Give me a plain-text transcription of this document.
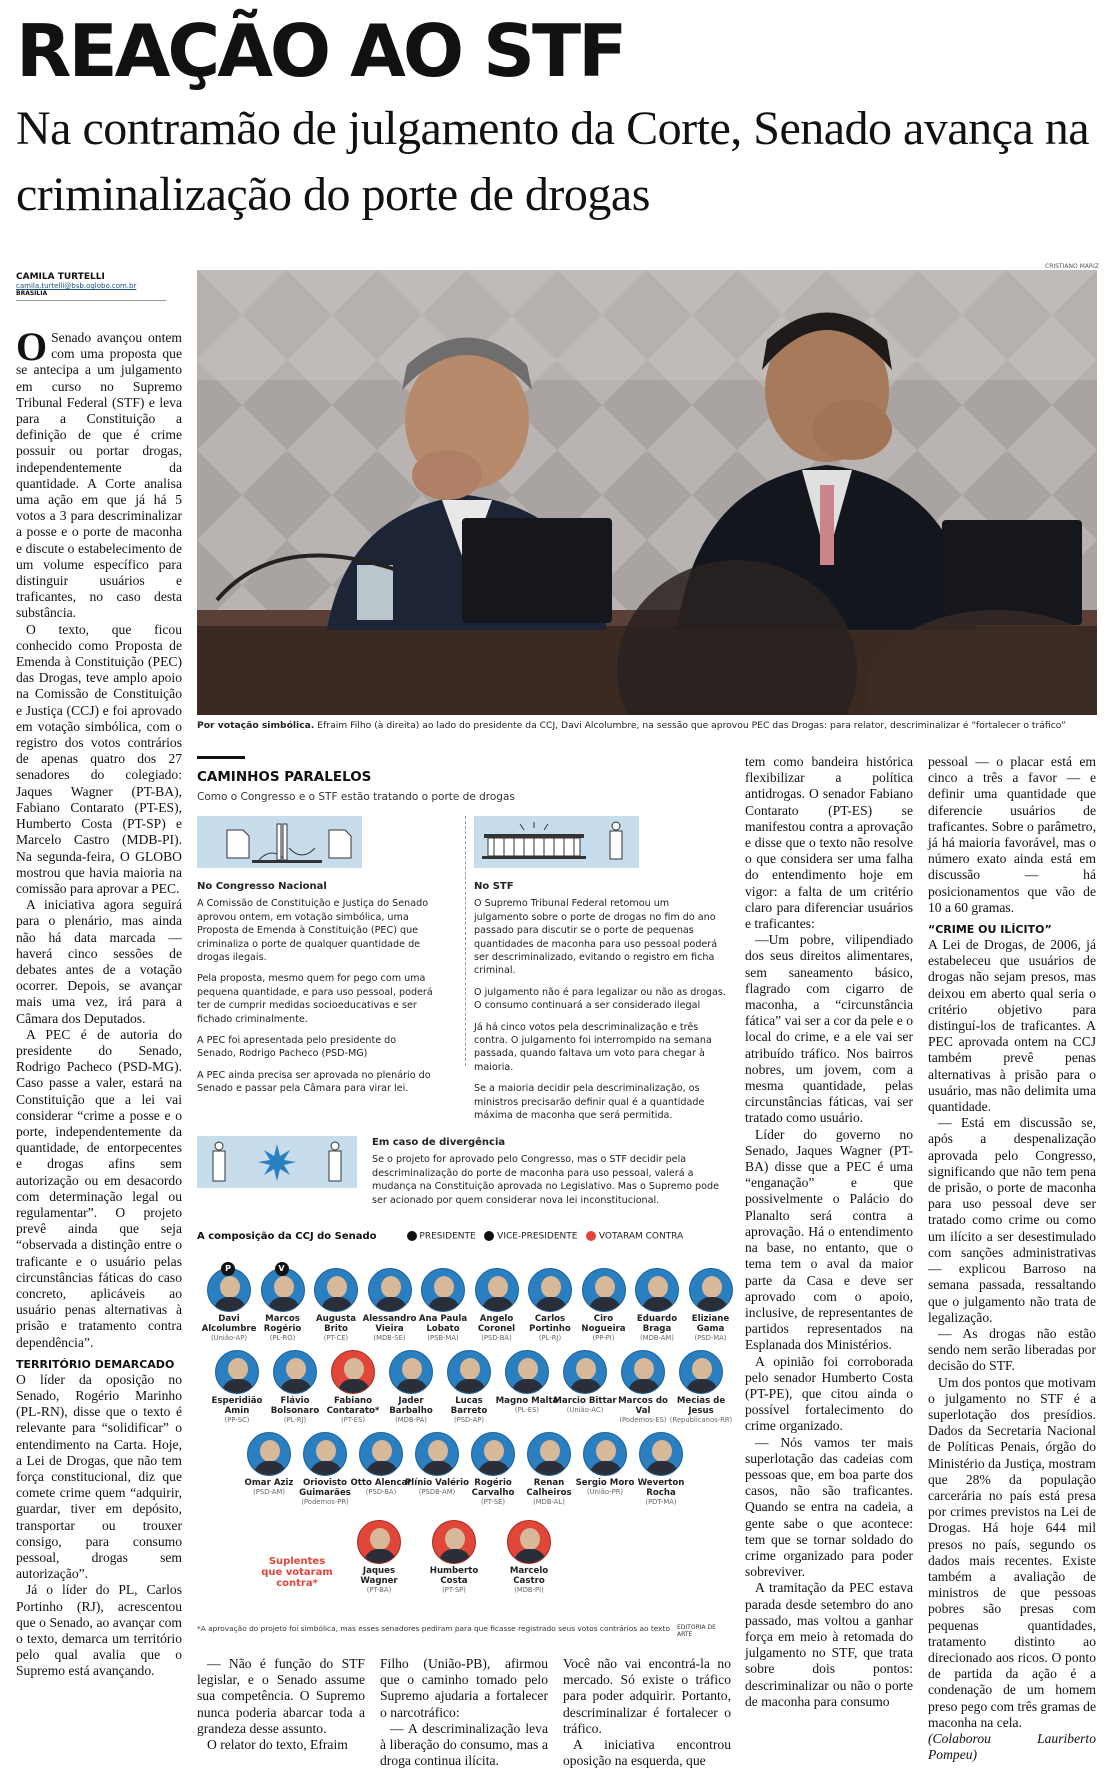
REAÇÃO AO STF
Na contramão de julgamento da Corte, Senado avança na criminalização do porte de drogas
CAMILA TURTELLI
camila.turtelli@bsb.oglobo.com.br
BRASÍLIA
CRISTIANO MARIZ
Por votação simbólica. Efraim Filho (à direita) ao lado do presidente da CCJ, Davi Alcolumbre, na sessão que aprovou PEC das Drogas: para relator, descriminalizar é “fortalecer o tráfico”

O Senado avançou ontem com uma proposta que se antecipa a um julgamento em curso no Supremo Tribunal Federal (STF) e leva para a Constituição a definição de que é crime possuir ou portar drogas, independentemente da quantidade. A Corte analisa uma ação em que já há 5 votos a 3 para descriminalizar a posse e o porte de maconha e discute o estabelecimento de um volume específico para distinguir usuários e traficantes, no caso desta substância.

O texto, que ficou conhecido como Proposta de Emenda à Constituição (PEC) das Drogas, teve amplo apoio na Comissão de Constituição e Justiça (CCJ) e foi aprovado em votação simbólica, com o registro dos votos contrários de apenas quatro dos 27 senadores do colegiado: Jaques Wagner (PT-BA), Fabiano Contarato (PT-ES), Humberto Costa (PT-SP) e Marcelo Castro (MDB-PI). Na segunda-feira, O GLOBO mostrou que havia maioria na comissão para aprovar a PEC.

A iniciativa agora seguirá para o plenário, mas ainda não há data marcada — haverá cinco sessões de debates antes de a votação ocorrer. Depois, se avançar mais uma vez, irá para a Câmara dos Deputados.

A PEC é de autoria do presidente do Senado, Rodrigo Pacheco (PSD-MG). Caso passe a valer, estará na Constituição que a lei vai considerar “crime a posse e o porte, independentemente da quantidade, de entorpecentes e drogas afins sem autorização ou em desacordo com determinação legal ou regulamentar”. O projeto prevê ainda que seja “observada a distinção entre o traficante e o usuário pelas circunstâncias fáticas do caso concreto, aplicáveis ao usuário penas alternativas à prisão e tratamento contra dependência”.

TERRITÓRIO DEMARCADO

O líder da oposição no Senado, Rogério Marinho (PL-RN), disse que o texto é relevante para “solidificar” o entendimento na Carta. Hoje, a Lei de Drogas, que não tem força constitucional, diz que comete crime quem “adquirir, guardar, tiver em depósito, transportar ou trouxer consigo, para consumo pessoal, drogas sem autorização”.

Já o líder do PL, Carlos Portinho (RJ), acrescentou que o Senado, ao avançar com o texto, demarca um território pelo qual avalia que o Supremo está avançando.

CAMINHOS PARALELOS
Como o Congresso e o STF estão tratando o porte de drogas
No Congresso Nacional

A Comissão de Constituição e Justiça do Senado aprovou ontem, em votação simbólica, uma Proposta de Emenda à Constituição (PEC) que criminaliza o porte de qualquer quantidade de drogas ilegais.

Pela proposta, mesmo quem for pego com uma pequena quantidade, e para uso pessoal, poderá ter de cumprir medidas socioeducativas e ser fichado criminalmente.

A PEC foi apresentada pelo presidente do Senado, Rodrigo Pacheco (PSD-MG)

A PEC ainda precisa ser aprovada no plenário do Senado e passar pela Câmara para virar lei.

No STF

O Supremo Tribunal Federal retomou um julgamento sobre o porte de drogas no fim do ano passado para discutir se o porte de pequenas quantidades de maconha para uso pessoal poderá ser descriminalizado, evitando o registro em ficha criminal.

O julgamento não é para legalizar ou não as drogas. O consumo continuará a ser considerado ilegal

Já há cinco votos pela descriminalização e três contra. O julgamento foi interrompido na semana passada, quando faltava um voto para chegar à maioria.

Se a maioria decidir pela descriminalização, os ministros precisarão definir qual é a quantidade máxima de maconha que será permitida.

Em caso de divergência

Se o projeto for aprovado pelo Congresso, mas o STF decidir pela descriminalização do porte de maconha para uso pessoal, valerá a mudança na Constituição aprovada no Legislativo. Mas o Supremo pode ser acionado por quem considerar nova lei inconstitucional.

A composição da CCJ do Senado	PRESIDENTE VICE-PRESIDENTE VOTARAM CONTRA
P
Davi Alcolumbre
(União-AP)
V
Marcos Rogério
(PL-RO)
Augusta Brito
(PT-CE)
Alessandro Vieira
(MDB-SE)
Ana Paula Lobato
(PSB-MA)
Angelo Coronel
(PSD-BA)
Carlos Portinho
(PL-RJ)
Ciro Nogueira
(PP-PI)
Eduardo Braga
(MDB-AM)
Eliziane Gama
(PSD-MA)
Esperidião Amin
(PP-SC)
Flávio Bolsonaro
(PL-RJ)
Fabiano Contarato*
(PT-ES)
Jader Barbalho
(MDB-PA)
Lucas Barreto
(PSD-AP)
Magno Malta
(PL-ES)
Marcio Bittar
(União-AC)
Marcos do Val
(Podemos-ES)
Mecias de Jesus
(Republicanos-RR)
Omar Aziz
(PSD-AM)
Oriovisto Guimarães
(Podemos-PR)
Otto Alencar
(PSD-BA)
Plínio Valério
(PSDB-AM)
Rogério Carvalho
(PT-SE)
Renan Calheiros
(MDB-AL)
Sergio Moro
(União-PR)
Weverton Rocha
(PDT-MA)
Jaques Wagner
(PT-BA)
Humberto Costa
(PT-SP)
Marcelo Castro
(MDB-PI)
Suplentes que votaram contra*
*A aprovação do projeto foi simbólica, mas esses senadores pediram para que ficasse registrado seus votos contrários ao texto	EDITORIA DE ARTE

tem como bandeira histórica flexibilizar a política antidrogas. O senador Fabiano Contarato (PT-ES) se manifestou contra a aprovação e disse que o texto não resolve o que considera ser uma falha do entendimento hoje em vigor: a falta de um critério claro para diferenciar usuários e traficantes:

—Um pobre, vilipendiado dos seus direitos alimentares, sem saneamento básico, flagrado com cigarro de maconha, a “circunstância fática” vai ser a cor da pele e o local do crime, e a ele vai ser atribuído tráfico. Nos bairros nobres, um jovem, com a mesma quantidade, pelas circunstâncias fáticas, vai ser tratado como usuário.

Líder do governo no Senado, Jaques Wagner (PT-BA) disse que a PEC é uma “enganação” e que possivelmente o Palácio do Planalto será contra a aprovação. Há o entendimento na base, no entanto, que o tema tem o aval da maior parte da Casa e deve ser aprovado com o apoio, inclusive, de representantes de partidos representados na Esplanada dos Ministérios.

A opinião foi corroborada pelo senador Humberto Costa (PT-PE), que citou ainda o possível fortalecimento do crime organizado.

— Nós vamos ter mais superlotação das cadeias com pessoas que, em boa parte dos casos, não são traficantes. Quando se entra na cadeia, a gente sabe o que acontece: tem que se tornar soldado do crime organizado para poder sobreviver.

A tramitação da PEC estava parada desde setembro do ano passado, mas voltou a ganhar força em meio à retomada do julgamento no STF, que trata sobre dois pontos: descriminalizar ou não o porte de maconha para consumo

pessoal — o placar está em cinco a três a favor — e definir uma quantidade que diferencie usuários de traficantes. Sobre o parâmetro, já há maioria favorável, mas o número exato ainda está em discussão — há posicionamentos que vão de 10 a 60 gramas.

“CRIME OU ILÍCITO”

A Lei de Drogas, de 2006, já estabeleceu que usuários de drogas não sejam presos, mas deixou em aberto qual seria o critério objetivo para distinguí-los de traficantes. A PEC aprovada ontem na CCJ também prevê penas alternativas à prisão para o usuário, mas não delimita uma quantidade.

— Está em discussão se, após a despenalização aprovada pelo Congresso, significando que não tem pena de prisão, o porte de maconha para uso pessoal deve ser tratado como crime ou como um ilícito a ser desestimulado com sanções administrativas — explicou Barroso na semana passada, ressaltando que o julgamento não trata de legalização.

— As drogas não estão sendo nem serão liberadas por decisão do STF.

Um dos pontos que motivam o julgamento no STF é a superlotação dos presídios. Dados da Secretaria Nacional de Políticas Penais, órgão do Ministério da Justiça, mostram que 28% da população carcerária no país está presa por crimes previstos na Lei de Drogas. Há hoje 644 mil presos no país, segundo os dados mais recentes. Existe também a avaliação de ministros de que pessoas pobres são presas com pequenas quantidades, tratamento distinto ao direcionado aos ricos. O ponto de partida da ação é a condenação de um homem preso pego com três gramas de maconha na cela.

(Colaborou Lauriberto Pompeu)

— Não é função do STF legislar, e o Senado assume sua competência. O Supremo nunca poderia abarcar toda a grandeza desse assunto.

O relator do texto, Efraim

Filho (União-PB), afirmou que o caminho tomado pelo Supremo ajudaria a fortalecer o narcotráfico:

— A descriminalização leva à liberação do consumo, mas a droga continua ilícita.

Você não vai encontrá-la no mercado. Só existe o tráfico para poder adquirir. Portanto, descriminalizar é fortalecer o tráfico.

A iniciativa encontrou oposição na esquerda, que
